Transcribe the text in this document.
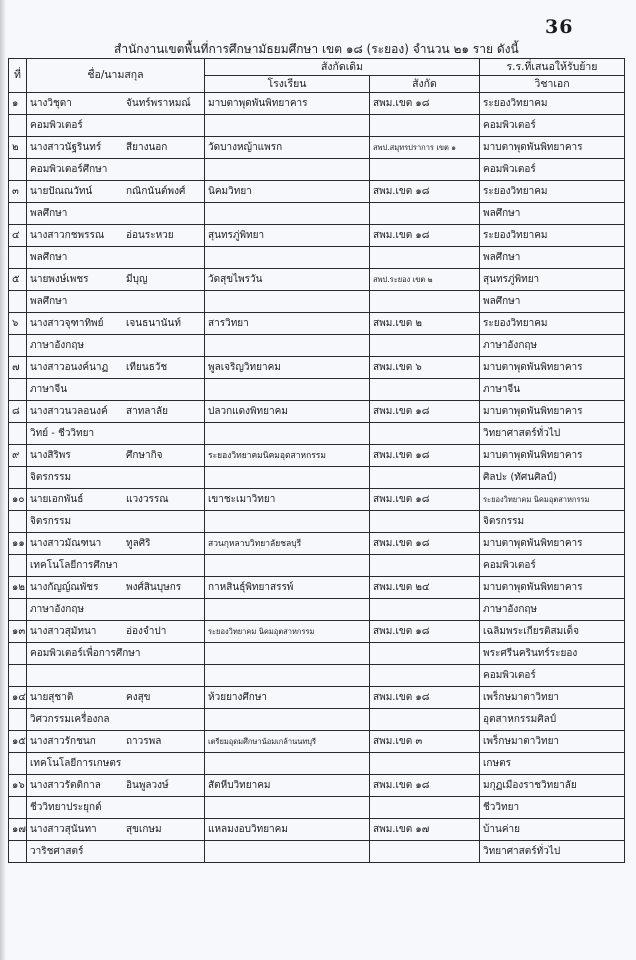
36
สำนักงานเขตพื้นที่การศึกษามัธยมศึกษา เขต ๑๘ (ระยอง) จำนวน ๒๑ ราย ดังนี้
ที่	ชื่อ/นามสกุล	สังกัดเดิม		ร.ร.ที่เสนอให้รับย้าย
		โรงเรียน	สังกัด	วิชาเอก
๑	นางวิชุดา จันทร์พราหมณ์	มาบตาพุดพันพิทยาคาร	สพม.เขต ๑๘	ระยองวิทยาคม
	คอมพิวเตอร์			คอมพิวเตอร์
๒	นางสาวนัฐรินทร์ สียางนอก	วัดบางหญ้าแพรก	สพป.สมุทรปราการ เขต ๑	มาบตาพุดพันพิทยาคาร
	คอมพิวเตอร์ศึกษา			คอมพิวเตอร์
๓	นายปัณณวัทน์ กณิกนันต์พงศ์	นิคมวิทยา	สพม.เขต ๑๘	ระยองวิทยาคม
	พลศึกษา			พลศึกษา
๔	นางสาวกชพรรณ อ่อนระหวย	สุนทรภู่พิทยา	สพม.เขต ๑๘	ระยองวิทยาคม
	พลศึกษา			พลศึกษา
๕	นายพงษ์เพชร มีบุญ	วัดสุขไพรวัน	สพป.ระยอง เขต ๒	สุนทรภู่พิทยา
	พลศึกษา			พลศึกษา
๖	นางสาวจุฑาทิพย์ เจนธนานันท์	สารวิทยา	สพม.เขต ๒	ระยองวิทยาคม
	ภาษาอังกฤษ			ภาษาอังกฤษ
๗	นางสาวอนงค์นาฏ เทียนธวัช	พูลเจริญวิทยาคม	สพม.เขต ๖	มาบตาพุดพันพิทยาคาร
	ภาษาจีน			ภาษาจีน
๘	นางสาวนวลอนงค์ สาทลาลัย	ปลวกแดงพิทยาคม	สพม.เขต ๑๘	มาบตาพุดพันพิทยาคาร
	วิทย์ - ชีววิทยา			วิทยาศาสตร์ทั่วไป
๙	นางสิริพร ศึกษากิจ	ระยองวิทยาคมนิคมอุตสาหกรรม	สพม.เขต ๑๘	มาบตาพุดพันพิทยาคาร
	จิตรกรรม			ศิลปะ (ทัศนศิลป์)
๑๐	นายเอกพันธ์ แวงวรรณ	เขาชะเมาวิทยา	สพม.เขต ๑๘	ระยองวิทยาคม นิคมอุตสาหกรรม
	จิตรกรรม			จิตรกรรม
๑๑	นางสาวมัณฑนา ทูลศิริ	สวนกุหลาบวิทยาลัยชลบุรี	สพม.เขต ๑๘	มาบตาพุดพันพิทยาคาร
	เทคโนโลยีการศึกษา			คอมพิวเตอร์
๑๒	นางกัญญ์ณพัชร พงศ์สินบุษกร	กาหสินธุ์พิทยาสรรพ์	สพม.เขต ๒๔	มาบตาพุดพันพิทยาคาร
	ภาษาอังกฤษ			ภาษาอังกฤษ
๑๓	นางสาวสุมัทนา อ่องจำปา	ระยองวิทยาคม นิคมอุตสาหกรรม	สพม.เขต ๑๘	เฉลิมพระเกียรติสมเด็จ
	คอมพิวเตอร์เพื่อการศึกษา			พระศรีนครินทร์ระยอง
				คอมพิวเตอร์
๑๔	นายสุชาติ คงสุข	ห้วยยางศึกษา	สพม.เขต ๑๘	เพร็กษมาตาวิทยา
	วิศวกรรมเครื่องกล			อุตสาหกรรมศิลป์
๑๕	นางสาวรักชนก ถาวรพล	เตรียมอุดมศึกษาน้อมเกล้านนทบุรี	สพม.เขต ๓	เพร็กษมาตาวิทยา
	เทคโนโลยีการเกษตร			เกษตร
๑๖	นางสาวรัตติกาล อินพูลวงษ์	สัตหีบวิทยาคม	สพม.เขต ๑๘	มกุฏเมืองราชวิทยาลัย
	ชีววิทยาประยุกต์			ชีววิทยา
๑๗	นางสาวสุนันทา สุขเกษม	แหลมงอบวิทยาคม	สพม.เขต ๑๗	บ้านค่าย
	วาริชศาสตร์			วิทยาศาสตร์ทั่วไป
